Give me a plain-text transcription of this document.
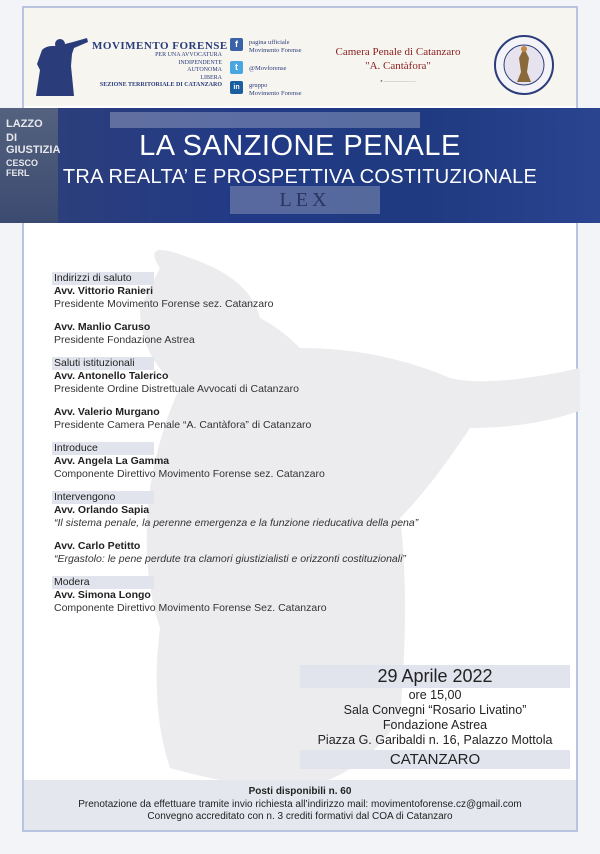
MOVIMENTO FORENSE
PER UNA AVVOCATURA
INDIPENDENTE
AUTONOMA
LIBERA
SEZIONE TERRITORIALE DI CATANZARO
f	pagina ufficiale
Movimento Forense
t	@Movforense
in	gruppo
Movimento Forense
Camera Penale di Catanzaro
"A. Cantàfora"
● ————————
LAZZO
DI
GIUSTIZIA
CESCO FERL
LEX
LA SANZIONE PENALE
TRA REALTA’ E PROSPETTIVA COSTITUZIONALE
Indirizzi di saluto
Avv. Vittorio Ranieri
Presidente Movimento Forense sez. Catanzaro
Avv. Manlio Caruso
Presidente Fondazione Astrea
Saluti istituzionali
Avv. Antonello Talerico
Presidente Ordine Distrettuale Avvocati di Catanzaro
Avv. Valerio Murgano
Presidente Camera Penale “A. Cantàfora” di Catanzaro
Introduce
Avv. Angela La Gamma
Componente Direttivo Movimento Forense sez. Catanzaro
Intervengono
Avv. Orlando Sapia
“Il sistema penale, la perenne emergenza e la funzione rieducativa della pena”
Avv. Carlo Petitto
“Ergastolo: le pene perdute tra clamori giustizialisti e orizzonti costituzionali”
Modera
Avv. Simona Longo
Componente Direttivo Movimento Forense Sez. Catanzaro
29 Aprile 2022
ore 15,00
Sala Convegni “Rosario Livatino”
Fondazione Astrea
Piazza G. Garibaldi n. 16, Palazzo Mottola
CATANZARO
Posti disponibili n. 60
Prenotazione da effettuare tramite invio richiesta all’indirizzo mail: movimentoforense.cz@gmail.com
Convegno accreditato con n. 3 crediti formativi dal COA di Catanzaro
